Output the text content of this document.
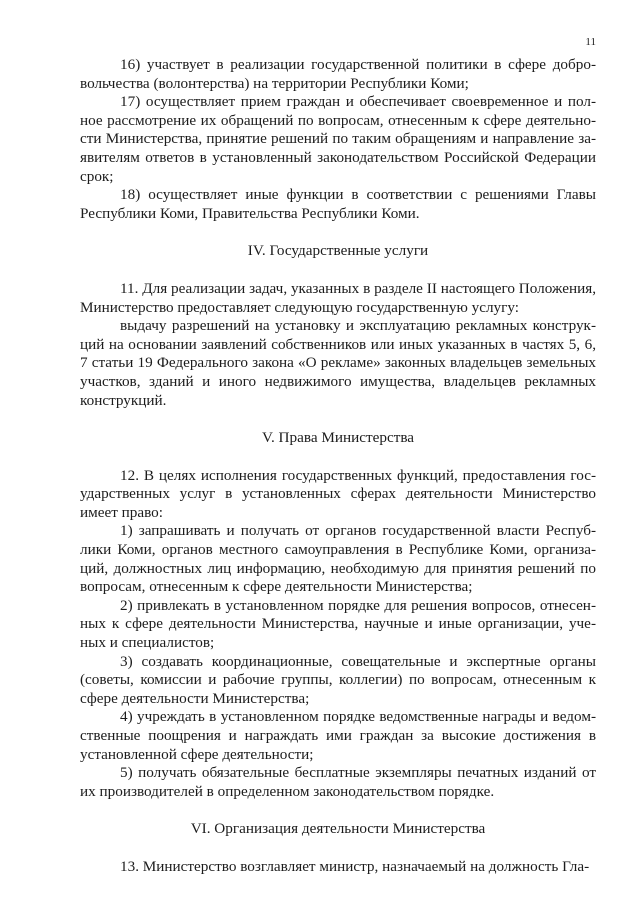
11

16) участвует в реализации государственной политики в сфере добровольчества (волонтерства) на территории Республики Коми;

17) осуществляет прием граждан и обеспечивает своевременное и полное рассмотрение их обращений по вопросам, отнесенным к сфере деятельности Министерства, принятие решений по таким обращениям и направление заявителям ответов в установленный законодательством Российской Федерации срок;

18) осуществляет иные функции в соответствии с решениями Главы Республики Коми, Правительства Республики Коми.

IV. Государственные услуги

11. Для реализации задач, указанных в разделе II настоящего Положения, Министерство предоставляет следующую государственную услугу:

выдачу разрешений на установку и эксплуатацию рекламных конструкций на основании заявлений собственников или иных указанных в частях 5, 6, 7 статьи 19 Федерального закона «О рекламе» законных владельцев земельных участков, зданий и иного недвижимого имущества, владельцев рекламных конструкций.

V. Права Министерства

12. В целях исполнения государственных функций, предоставления государственных услуг в установленных сферах деятельности Министерство имеет право:

1) запрашивать и получать от органов государственной власти Республики Коми, органов местного самоуправления в Республике Коми, организаций, должностных лиц информацию, необходимую для принятия решений по вопросам, отнесенным к сфере деятельности Министерства;

2) привлекать в установленном порядке для решения вопросов, отнесенных к сфере деятельности Министерства, научные и иные организации, ученых и специалистов;

3) создавать координационные, совещательные и экспертные органы (советы, комиссии и рабочие группы, коллегии) по вопросам, отнесенным к сфере деятельности Министерства;

4) учреждать в установленном порядке ведомственные награды и ведомственные поощрения и награждать ими граждан за высокие достижения в установленной сфере деятельности;

5) получать обязательные бесплатные экземпляры печатных изданий от их производителей в определенном законодательством порядке.

VI. Организация деятельности Министерства

13. Министерство возглавляет министр, назначаемый на должность Гла-
